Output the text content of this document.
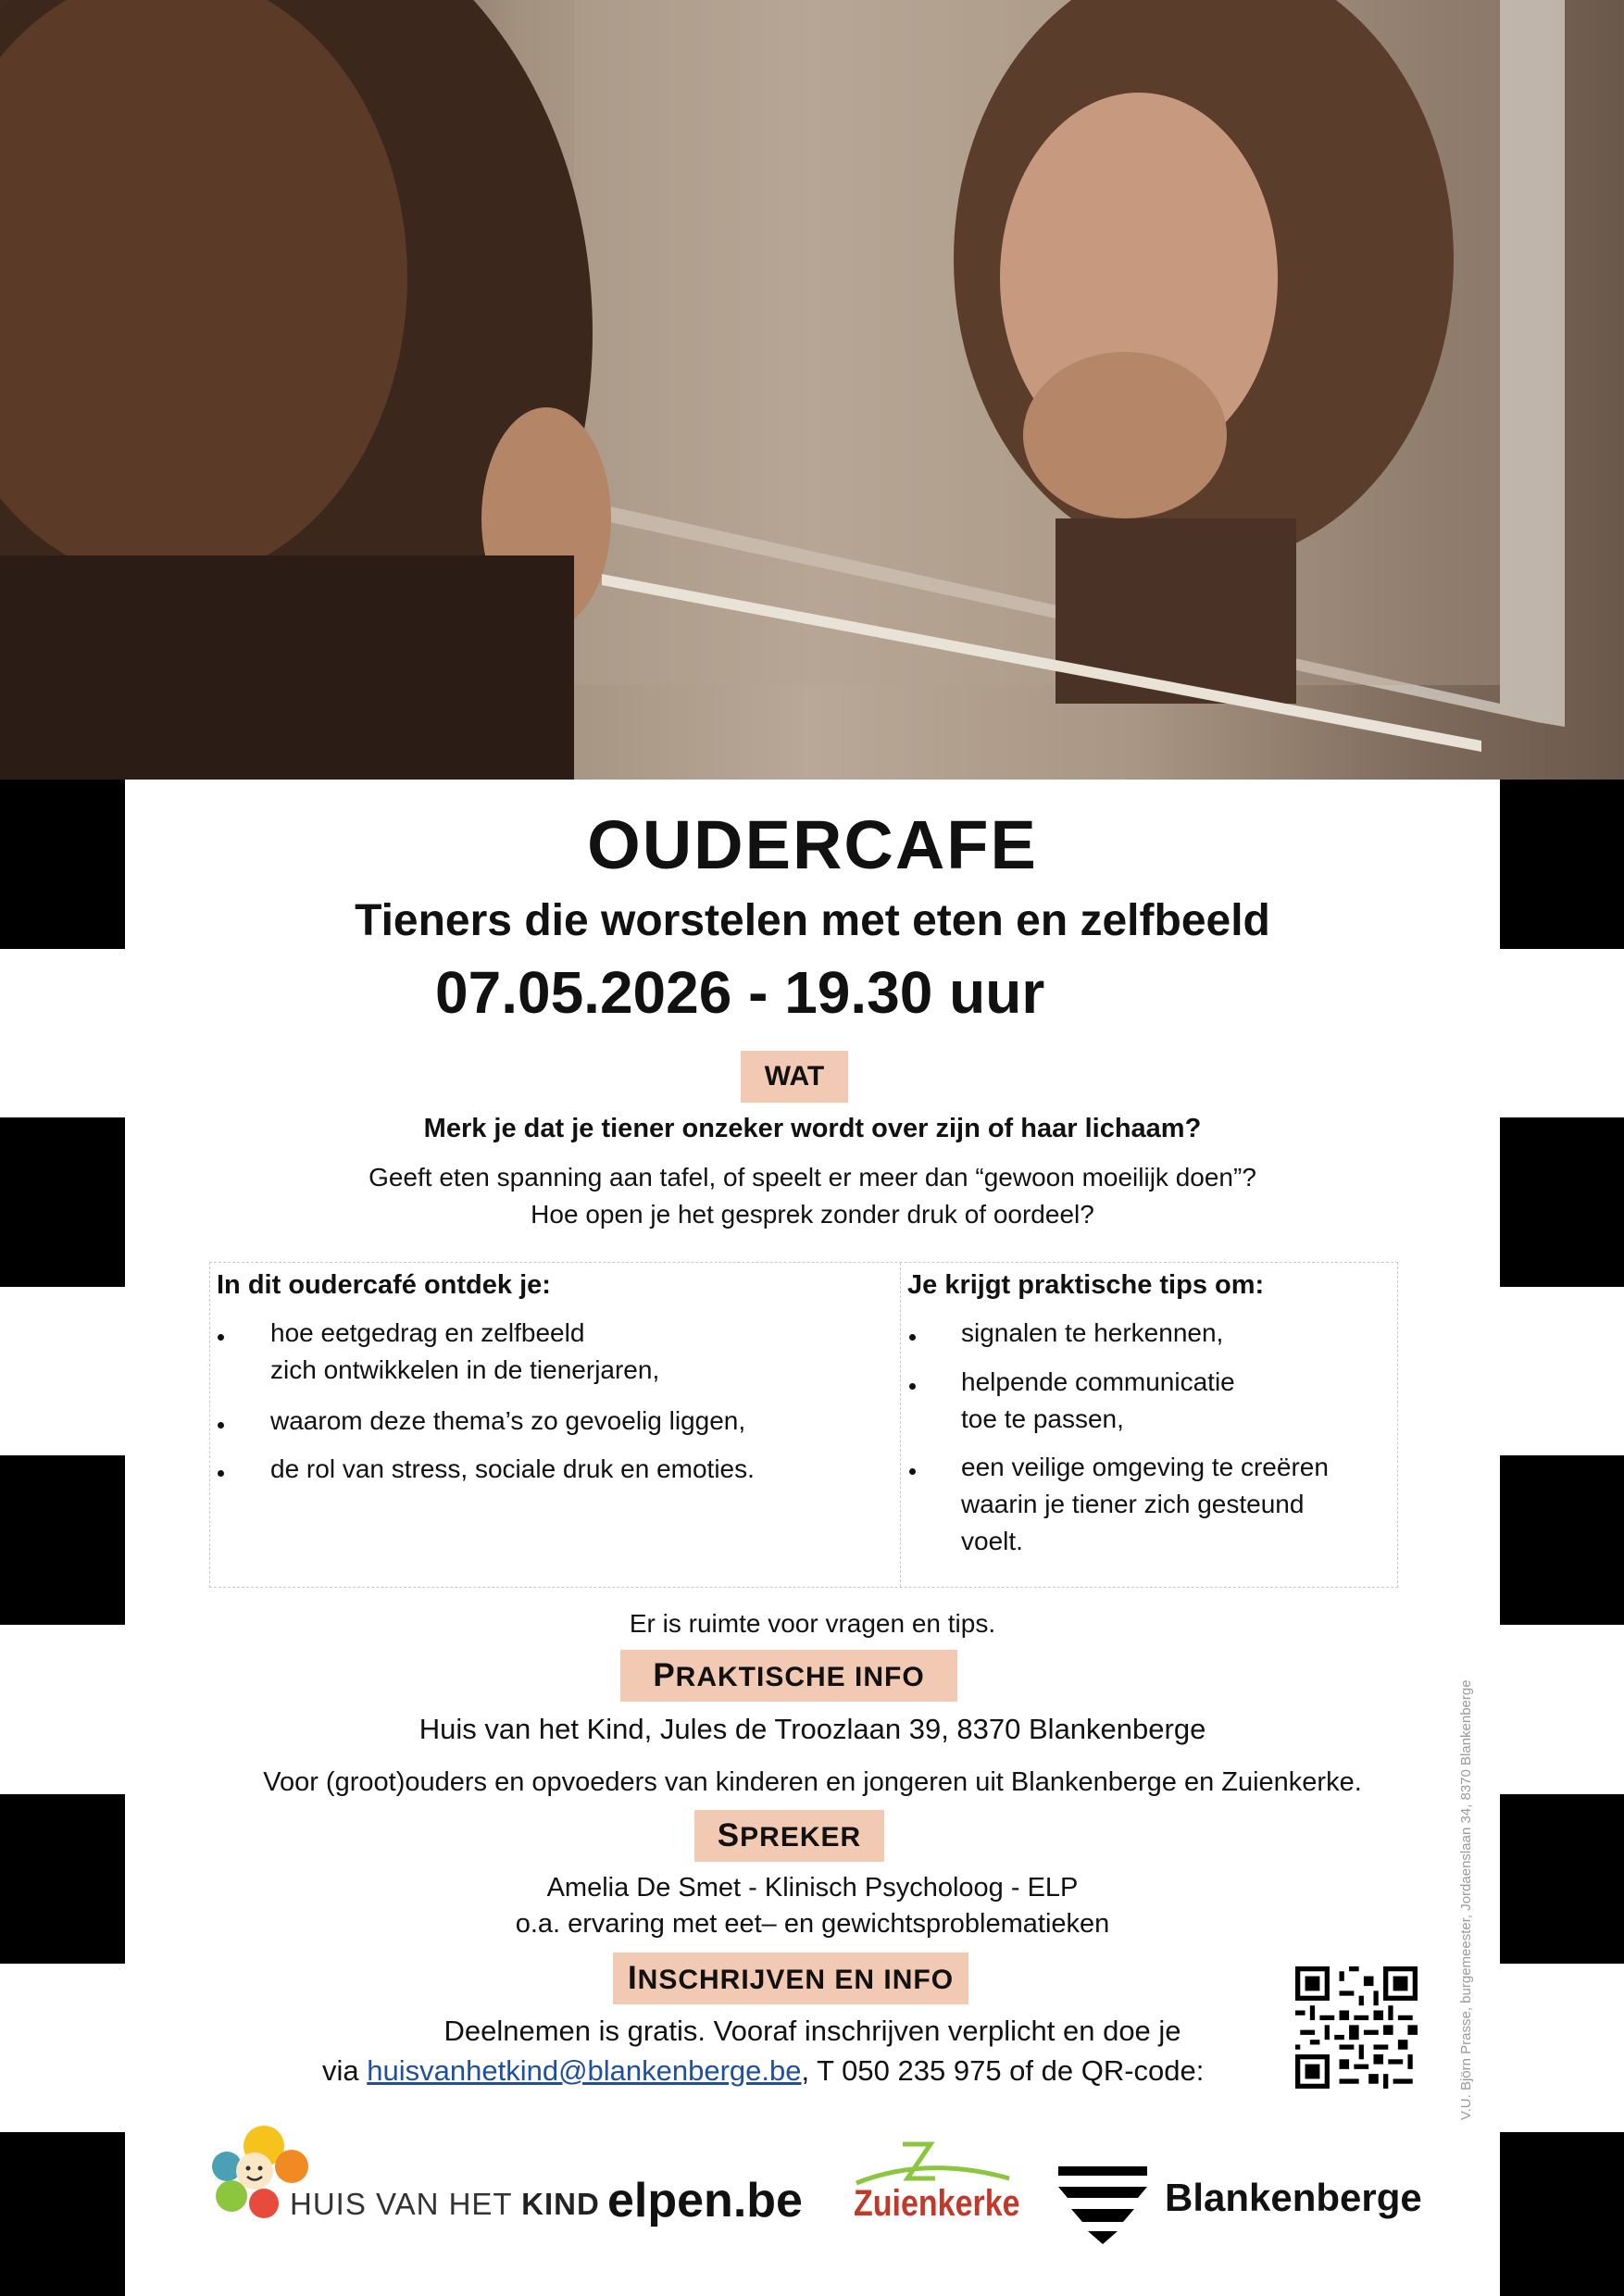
OUDERCAFE
Tieners die worstelen met eten en zelfbeeld
07.05.2026 - 19.30 uur
WAT
Merk je dat je tiener onzeker wordt over zijn of haar lichaam?
Geeft eten spanning aan tafel, of speelt er meer dan “gewoon moeilijk doen”?
Hoe open je het gesprek zonder druk of oordeel?
In dit oudercafé ontdek je:
hoe eetgedrag en zelfbeeld
zich ontwikkelen in de tienerjaren,
waarom deze thema’s zo gevoelig liggen,
de rol van stress, sociale druk en emoties.
Je krijgt praktische tips om:
signalen te herkennen,
helpende communicatie
toe te passen,
een veilige omgeving te creëren
waarin je tiener zich gesteund
voelt.
Er is ruimte voor vragen en tips.
PRAKTISCHE INFO
Huis van het Kind, Jules de Troozlaan 39, 8370 Blankenberge
Voor (groot)ouders en opvoeders van kinderen en jongeren uit Blankenberge en Zuienkerke.
SPREKER
Amelia De Smet - Klinisch Psycholoog - ELP
o.a. ervaring met eet– en gewichtsproblematieken
INSCHRIJVEN EN INFO
Deelnemen is gratis. Vooraf inschrijven verplicht en doe je
via huisvanhetkind@blankenberge.be, T 050 235 975 of de QR-code:	V.U. Björn Prasse, burgemeester, Jordaenslaan 34, 8370 Blankenberge
HUIS VAN HET KIND elpen.be Zuienkerke	Blankenberge
